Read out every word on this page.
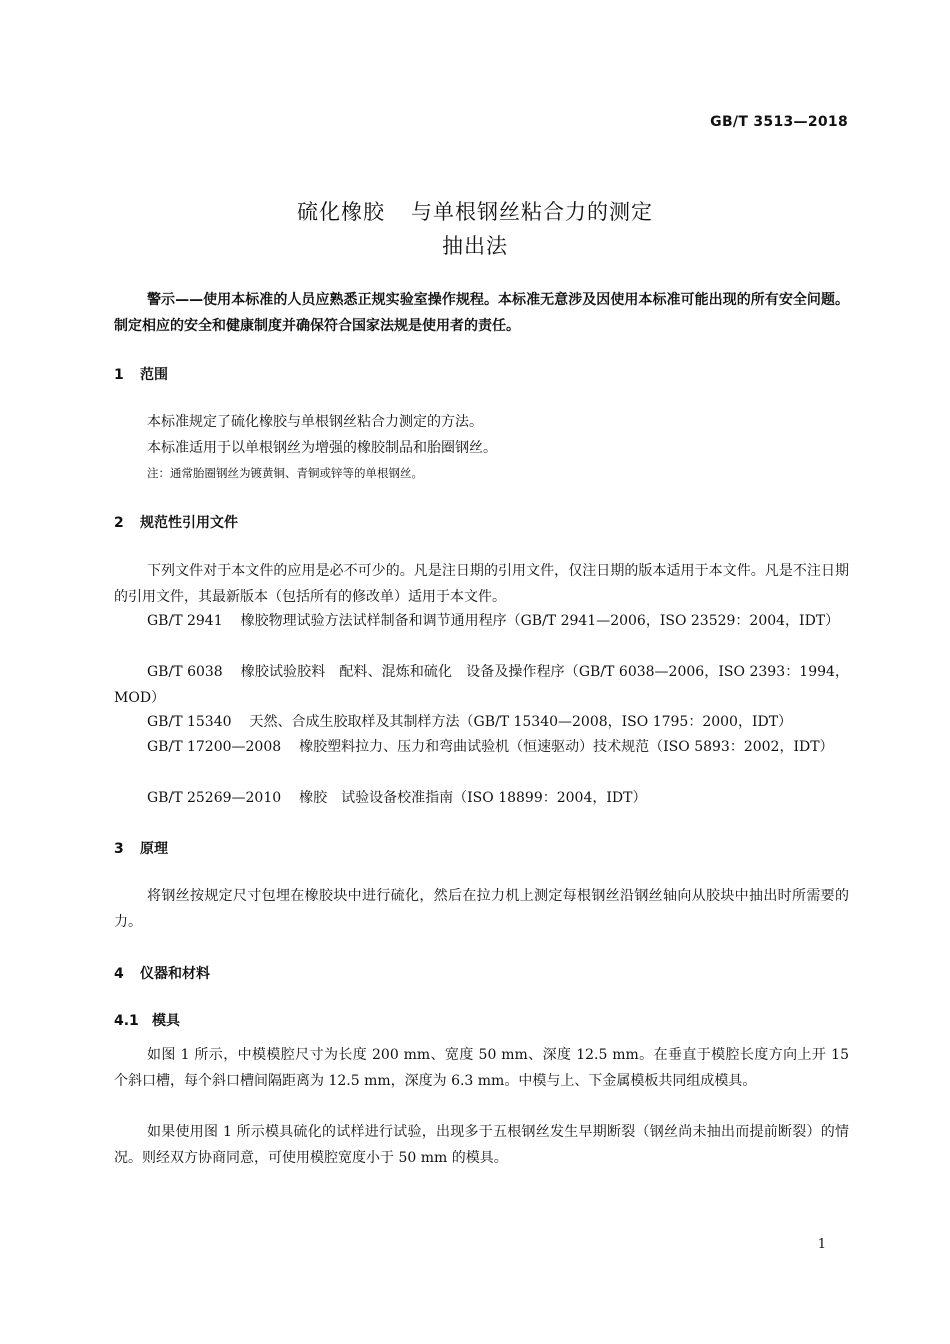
GB/T 3513—2018
硫化橡胶 与单根钢丝粘合力的测定
抽出法
警示——使用本标准的人员应熟悉正规实验室操作规程。本标准无意涉及因使用本标准可能出现的所有安全问题。制定相应的安全和健康制度并确保符合国家法规是使用者的责任。
1 范围
本标准规定了硫化橡胶与单根钢丝粘合力测定的方法。
本标准适用于以单根钢丝为增强的橡胶制品和胎圈钢丝。
注：通常胎圈钢丝为镀黄铜、青铜或锌等的单根钢丝。
2 规范性引用文件
下列文件对于本文件的应用是必不可少的。凡是注日期的引用文件，仅注日期的版本适用于本文件。凡是不注日期的引用文件，其最新版本（包括所有的修改单）适用于本文件。
GB/T 2941 橡胶物理试验方法试样制备和调节通用程序（GB/T 2941—2006，ISO 23529：2004，IDT）
GB/T 6038 橡胶试验胶料　配料、混炼和硫化　设备及操作程序（GB/T 6038—2006，ISO 2393：1994，MOD）
GB/T 15340 天然、合成生胶取样及其制样方法（GB/T 15340—2008，ISO 1795：2000，IDT）
GB/T 17200—2008 橡胶塑料拉力、压力和弯曲试验机（恒速驱动）技术规范（ISO 5893：2002，IDT）
GB/T 25269—2010 橡胶　试验设备校准指南（ISO 18899：2004，IDT）
3 原理
将钢丝按规定尺寸包埋在橡胶块中进行硫化，然后在拉力机上测定每根钢丝沿钢丝轴向从胶块中抽出时所需要的力。
4 仪器和材料
4.1 模具
如图 1 所示，中模模腔尺寸为长度 200 mm、宽度 50 mm、深度 12.5 mm。在垂直于模腔长度方向上开 15 个斜口槽，每个斜口槽间隔距离为 12.5 mm，深度为 6.3 mm。中模与上、下金属模板共同组成模具。
如果使用图 1 所示模具硫化的试样进行试验，出现多于五根钢丝发生早期断裂（钢丝尚未抽出而提前断裂）的情况。则经双方协商同意，可使用模腔宽度小于 50 mm 的模具。
1
